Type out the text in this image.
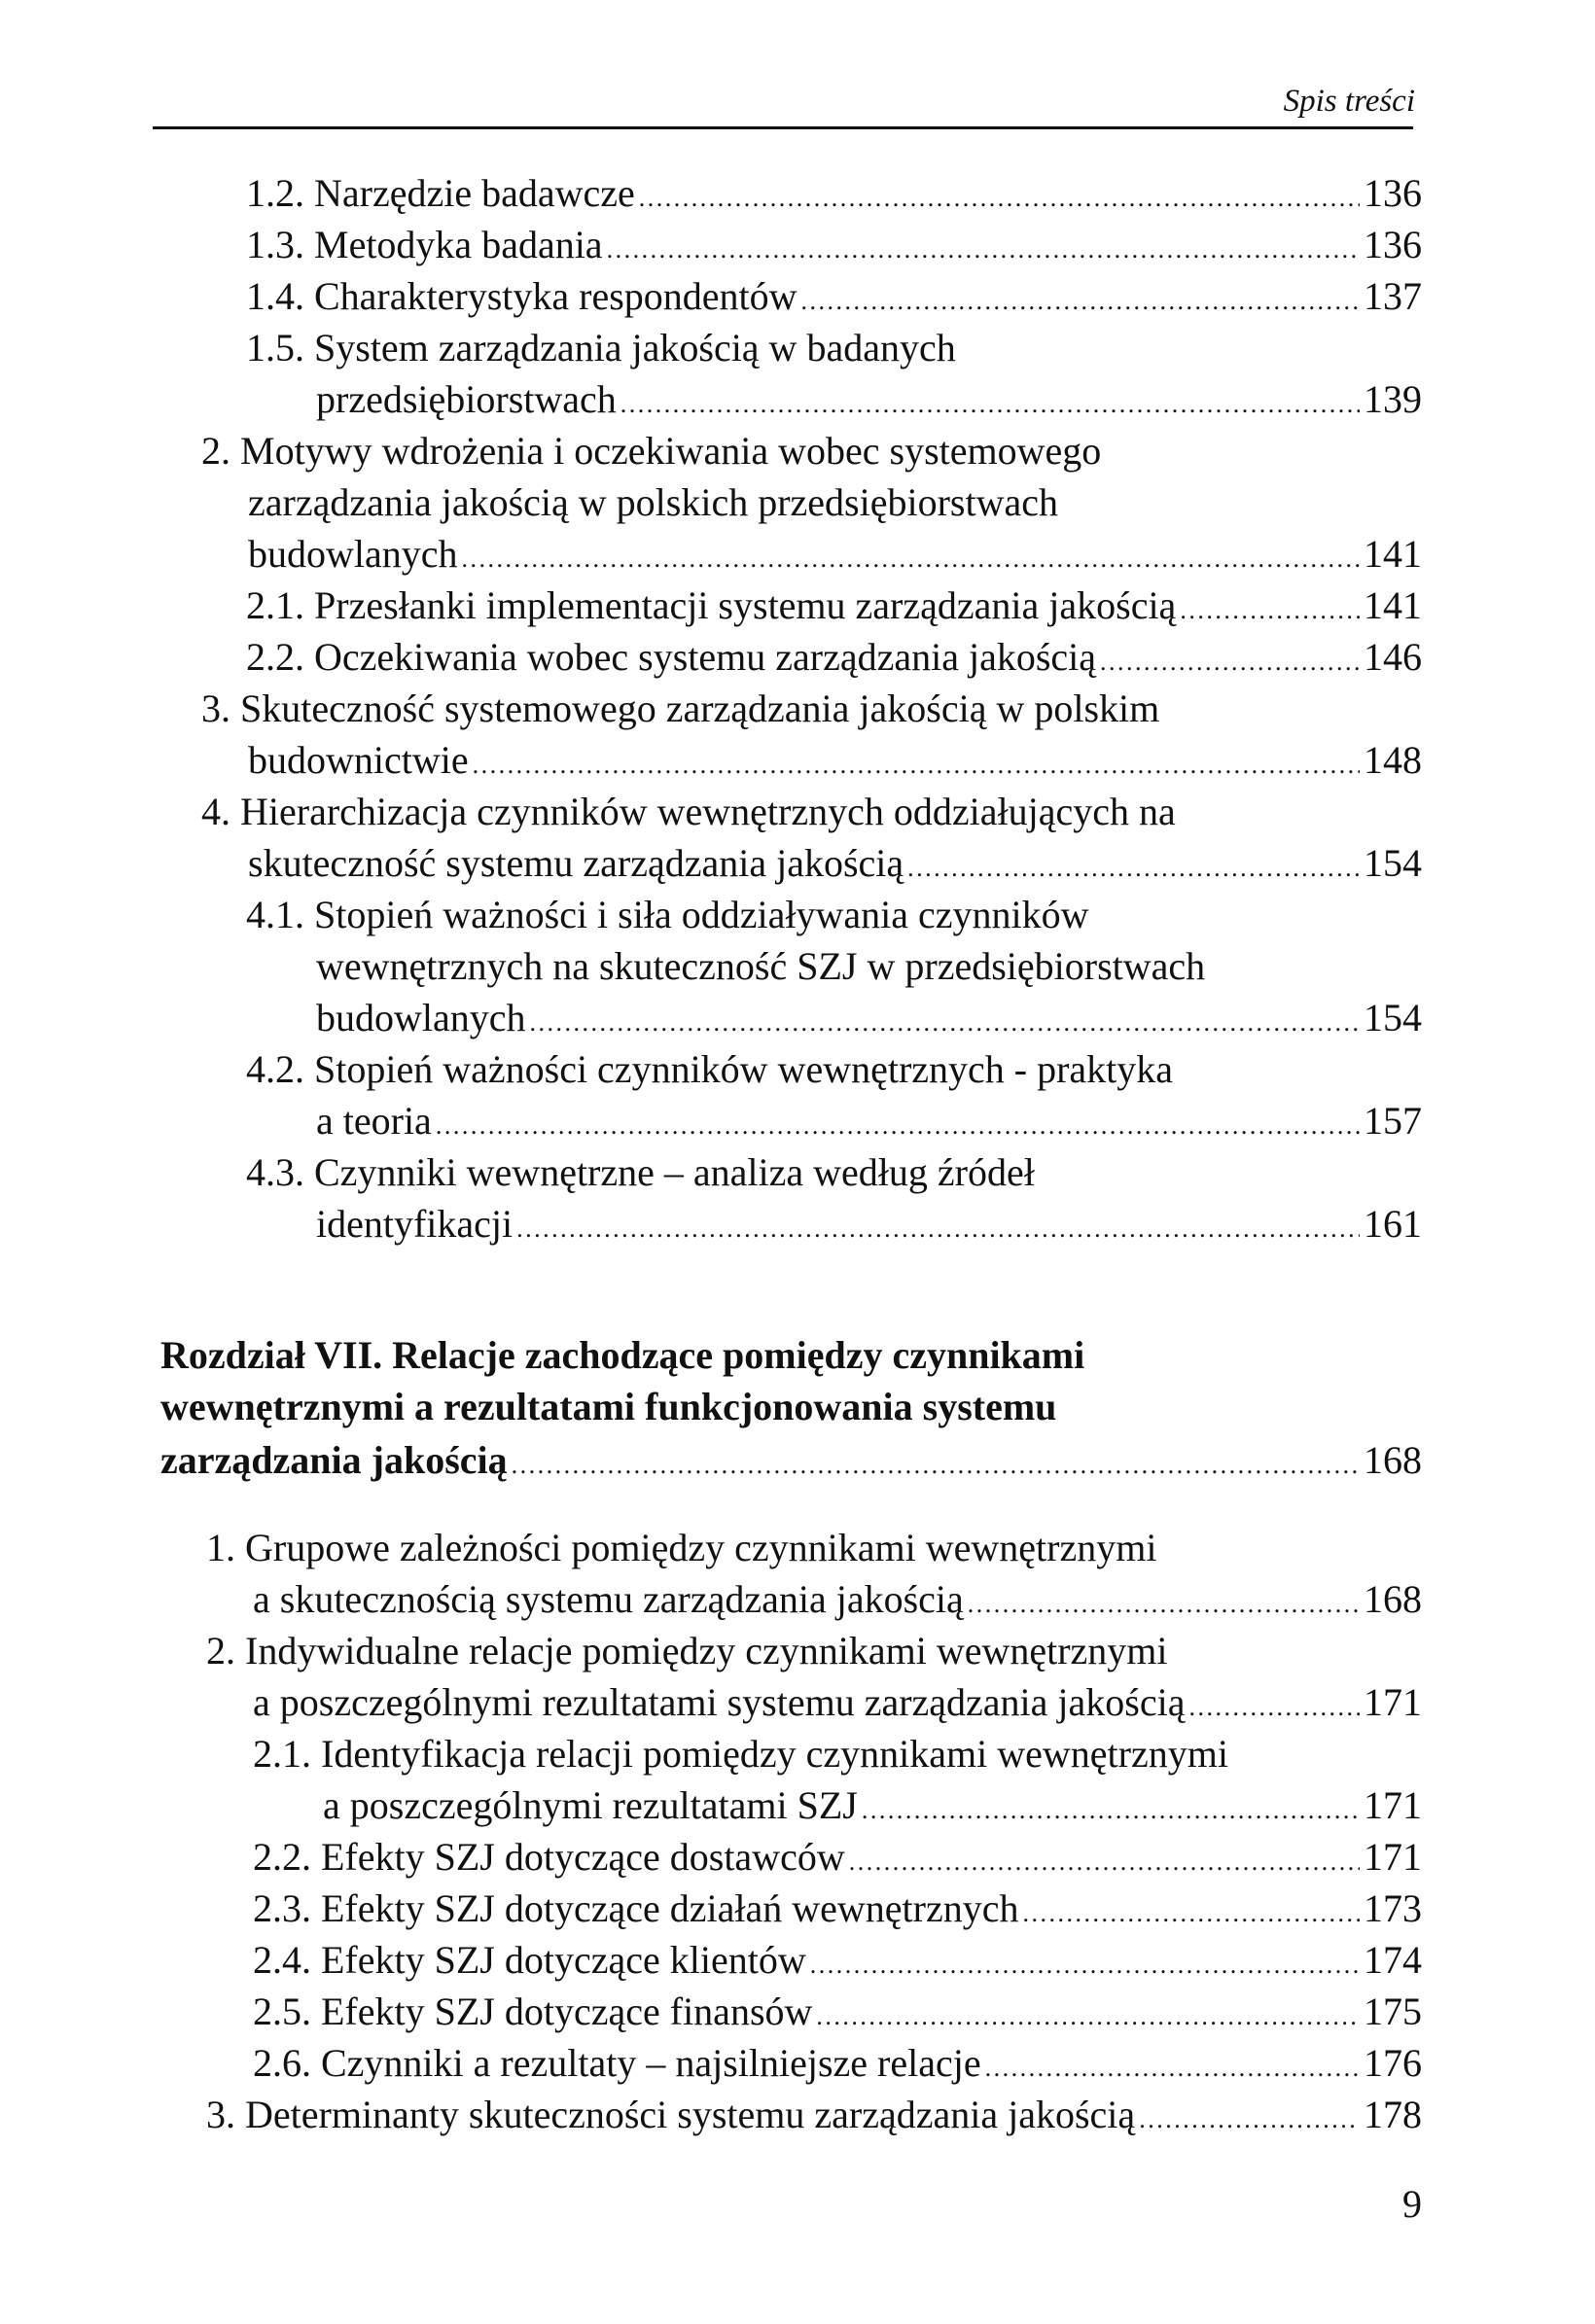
Spis treści
1.2. Narzędzie badawcze . . .	136
1.3. Metodyka badania . . .	136
1.4. Charakterystyka respondentów . . .	137
1.5. System zarządzania jakością w badanych
przedsiębiorstwach . . .	139
2. Motywy wdrożenia i oczekiwania wobec systemowego
zarządzania jakością w polskich przedsiębiorstwach
budowlanych . . .	141
2.1. Przesłanki implementacji systemu zarządzania jakością . . .	141
2.2. Oczekiwania wobec systemu zarządzania jakością . . .	146
3. Skuteczność systemowego zarządzania jakością w polskim
budownictwie . . .	148
4. Hierarchizacja czynników wewnętrznych oddziałujących na
skuteczność systemu zarządzania jakością . . .	154
4.1. Stopień ważności i siła oddziaływania czynników
wewnętrznych na skuteczność SZJ w przedsiębiorstwach
budowlanych . . .	154
4.2. Stopień ważności czynników wewnętrznych - praktyka
a teoria . . .	157
4.3. Czynniki wewnętrzne – analiza według źródeł
identyfikacji . . .	161
Rozdział VII. Relacje zachodzące pomiędzy czynnikami
wewnętrznymi a rezultatami funkcjonowania systemu
zarządzania jakością . . .	168
1. Grupowe zależności pomiędzy czynnikami wewnętrznymi
a skutecznością systemu zarządzania jakością . . .	168
2. Indywidualne relacje pomiędzy czynnikami wewnętrznymi
a poszczególnymi rezultatami systemu zarządzania jakością . . .	171
2.1. Identyfikacja relacji pomiędzy czynnikami wewnętrznymi
a poszczególnymi rezultatami SZJ . . .	171
2.2. Efekty SZJ dotyczące dostawców . . .	171
2.3. Efekty SZJ dotyczące działań wewnętrznych . . .	173
2.4. Efekty SZJ dotyczące klientów . . .	174
2.5. Efekty SZJ dotyczące finansów . . .	175
2.6. Czynniki a rezultaty – najsilniejsze relacje . . .	176
3. Determinanty skuteczności systemu zarządzania jakością . . .	178
9
